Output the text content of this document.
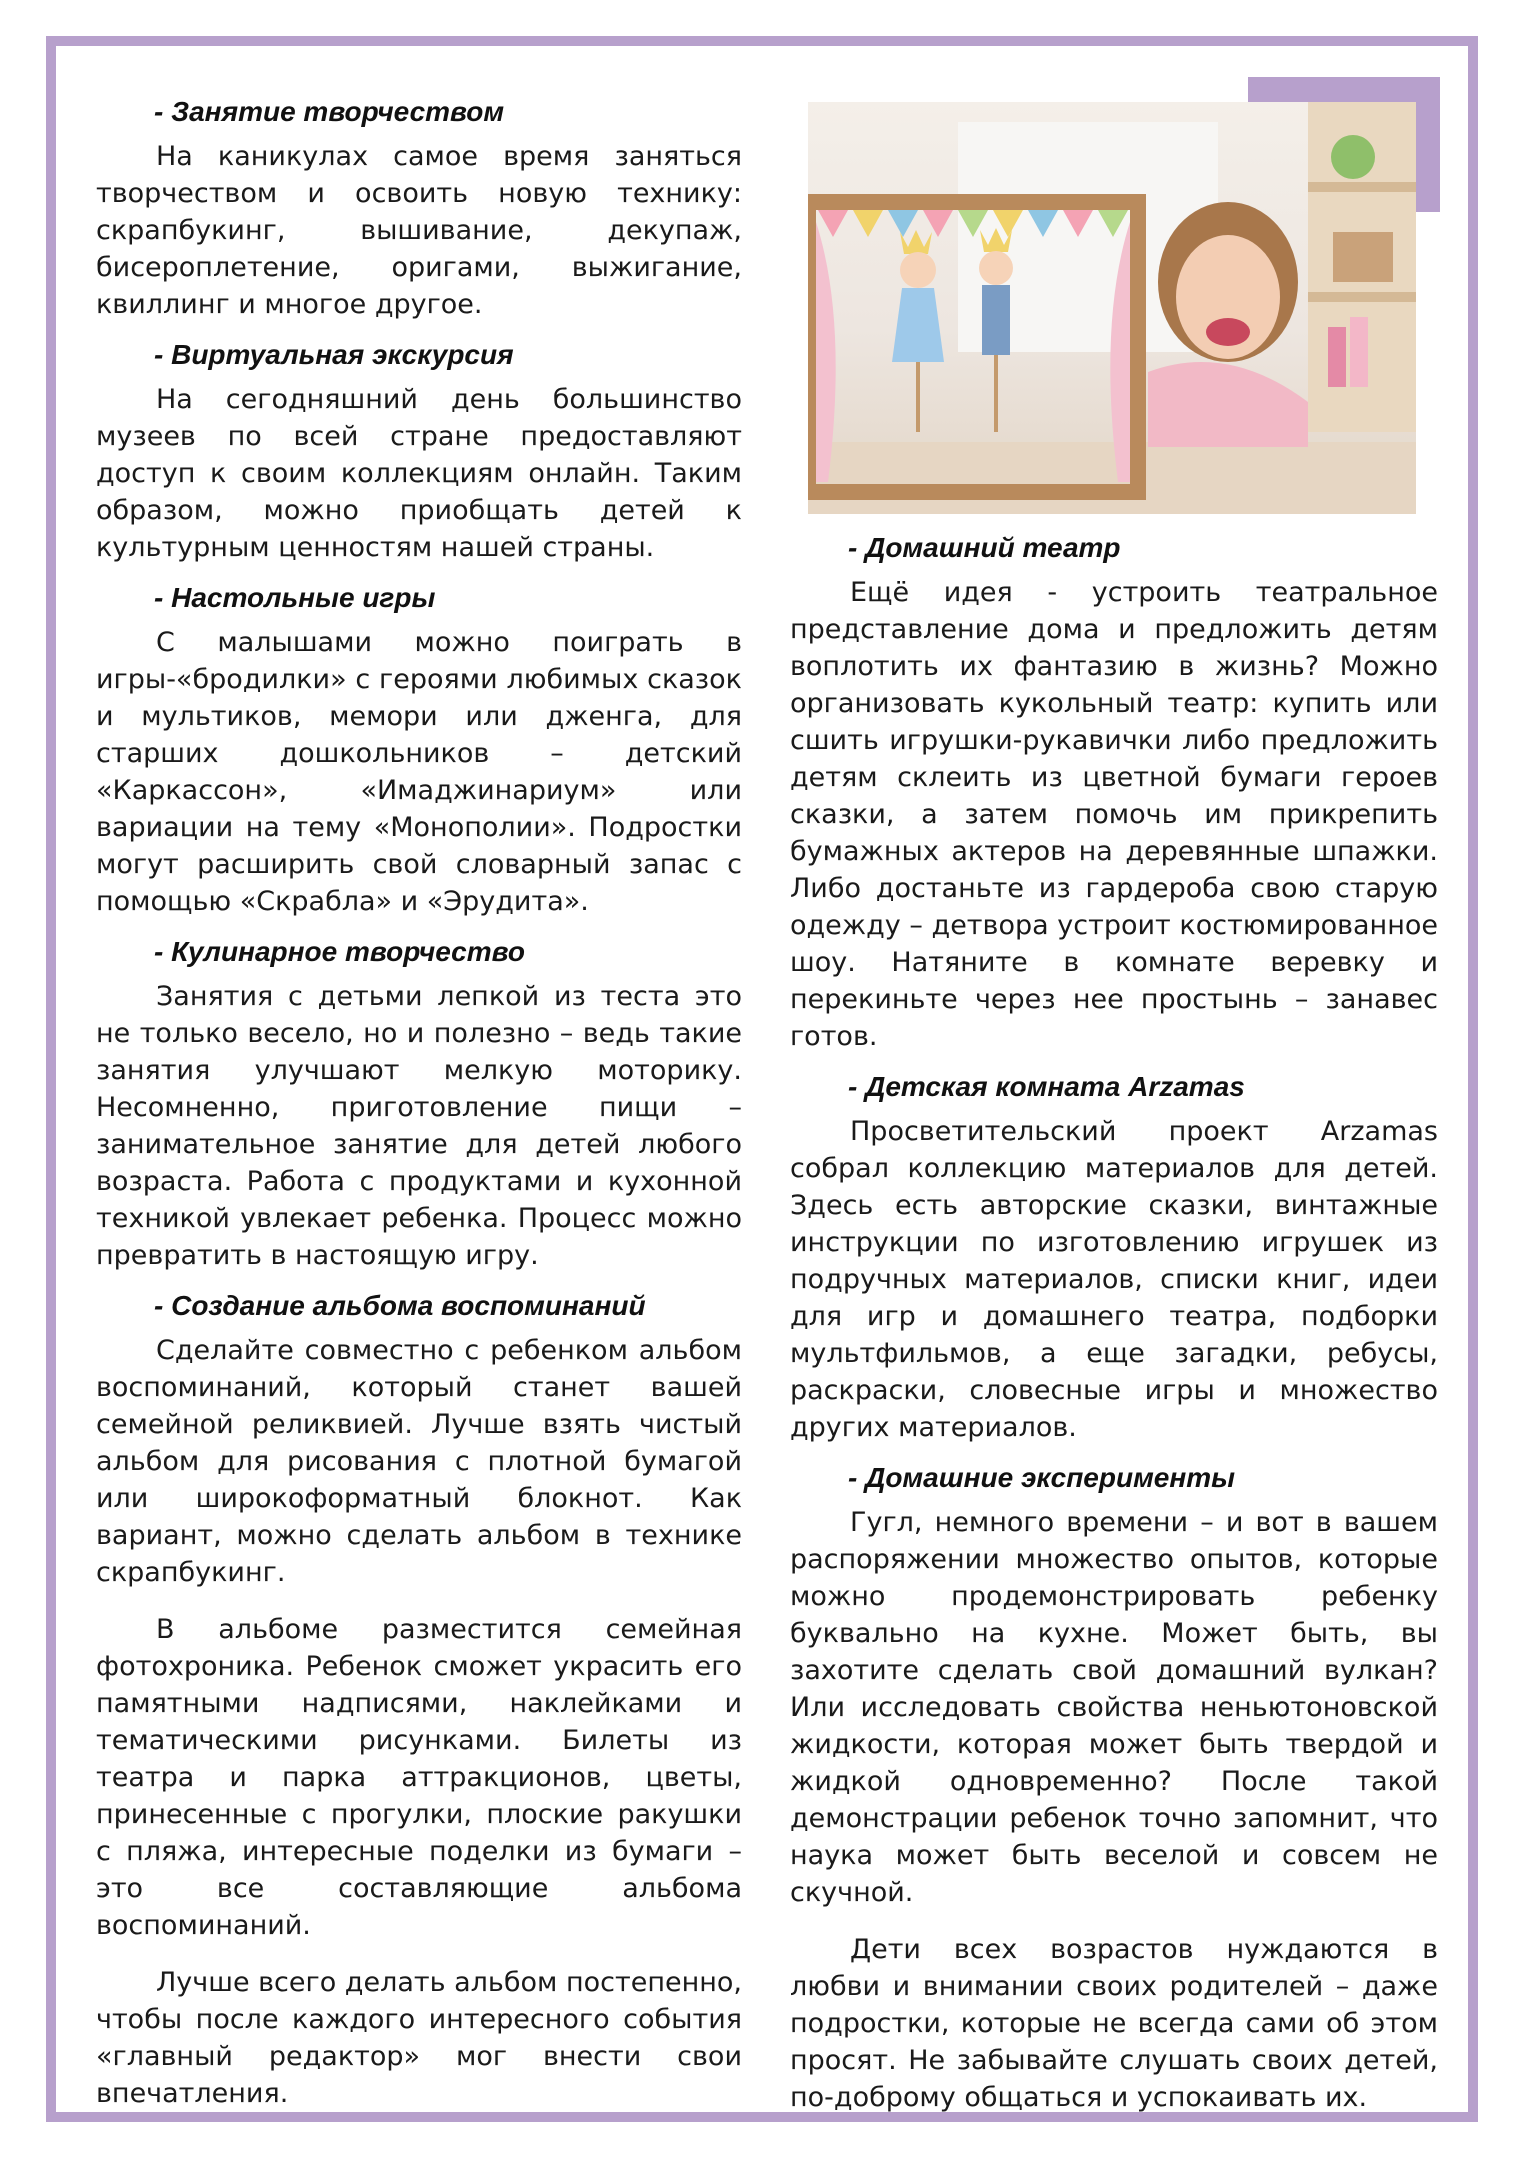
- Занятие творчеством

На каникулах самое время заняться творчеством и освоить новую технику: скрапбукинг, вышивание, декупаж, бисероплетение, оригами, выжигание, квиллинг и многое другое.

- Виртуальная экскурсия

На сегодняшний день большинство музеев по всей стране предоставляют доступ к своим коллекциям онлайн. Таким образом, можно приобщать детей к культурным ценностям нашей страны.

- Настольные игры

С малышами можно поиграть в игры-«бродилки» с героями любимых сказок и мультиков, мемори или дженга, для старших дошкольников – детский «Каркассон», «Имаджинариум» или вариации на тему «Монополии». Подростки могут расширить свой словарный запас с помощью «Скрабла» и «Эрудита».

- Кулинарное творчество

Занятия с детьми лепкой из теста это не только весело, но и полезно – ведь такие занятия улучшают мелкую моторику. Несомненно, приготовление пищи – занимательное занятие для детей любого возраста. Работа с продуктами и кухонной техникой увлекает ребенка. Процесс можно превратить в настоящую игру.

- Создание альбома воспоминаний

Сделайте совместно с ребенком альбом воспоминаний, который станет вашей семейной реликвией. Лучше взять чистый альбом для рисования с плотной бумагой или широкоформатный блокнот. Как вариант, можно сделать альбом в технике скрапбукинг.

В альбоме разместится семейная фотохроника. Ребенок сможет украсить его памятными надписями, наклейками и тематическими рисунками. Билеты из театра и парка аттракционов, цветы, принесенные с прогулки, плоские ракушки с пляжа, интересные поделки из бумаги – это все составляющие альбома воспоминаний.

Лучше всего делать альбом постепенно, чтобы после каждого интересного события «главный редактор» мог внести свои впечатления.

- Домашний театр

Ещё идея - устроить театральное представление дома и предложить детям воплотить их фантазию в жизнь? Можно организовать кукольный театр: купить или сшить игрушки-рукавички либо предложить детям склеить из цветной бумаги героев сказки, а затем помочь им прикрепить бумажных актеров на деревянные шпажки. Либо достаньте из гардероба свою старую одежду – детвора устроит костюмированное шоу. Натяните в комнате веревку и перекиньте через нее простынь – занавес готов.

- Детская комната Arzamas

Просветительский проект Arzamas собрал коллекцию материалов для детей. Здесь есть авторские сказки, винтажные инструкции по изготовлению игрушек из подручных материалов, списки книг, идеи для игр и домашнего театра, подборки мультфильмов, а еще загадки, ребусы, раскраски, словесные игры и множество других материалов.

- Домашние эксперименты

Гугл, немного времени – и вот в вашем распоряжении множество опытов, которые можно продемонстрировать ребенку буквально на кухне. Может быть, вы захотите сделать свой домашний вулкан? Или исследовать свойства неньютоновской жидкости, которая может быть твердой и жидкой одновременно? После такой демонстрации ребенок точно запомнит, что наука может быть веселой и совсем не скучной.

Дети всех возрастов нуждаются в любви и внимании своих родителей – даже подростки, которые не всегда сами об этом просят. Не забывайте слушать своих детей, по-доброму общаться и успокаивать их.
